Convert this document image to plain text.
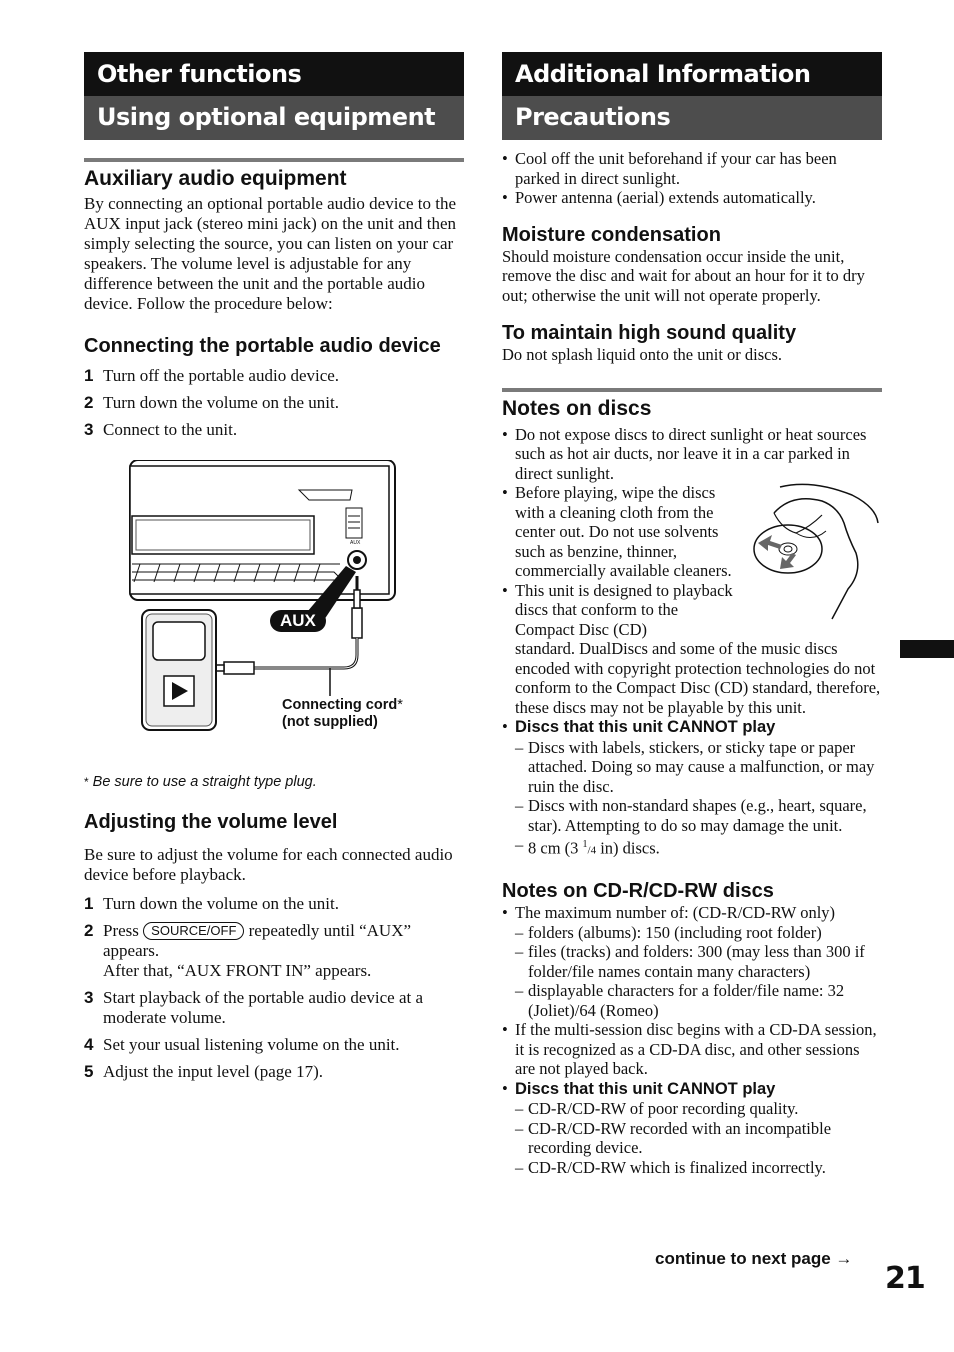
Other functions
Using optional equipment
Auxiliary audio equipment

By connecting an optional portable audio device to the AUX input jack (stereo mini jack) on the unit and then simply selecting the source, you can listen on your car speakers. The volume level is adjustable for any difference between the unit and the portable audio device. Follow the procedure below:

Connecting the portable audio device
1 Turn off the portable audio device.
2 Turn down the volume on the unit.
3 Connect to the unit.
AUX
AUX
Connecting cord*
(not supplied)
* Be sure to use a straight type plug.
Adjusting the volume level

Be sure to adjust the volume for each connected audio device before playback.

1 Turn down the volume on the unit.
2 Press SOURCE/OFF repeatedly until “AUX” appears.
After that, “AUX FRONT IN” appears.
3 Start playback of the portable audio device at a moderate volume.
4 Set your usual listening volume on the unit.
5 Adjust the input level (page 17).
Additional Information
Precautions
• Cool off the unit beforehand if your car has been parked in direct sunlight.
• Power antenna (aerial) extends automatically.
Moisture condensation

Should moisture condensation occur inside the unit, remove the disc and wait for about an hour for it to dry out; otherwise the unit will not operate properly.

To maintain high sound quality

Do not splash liquid onto the unit or discs.

Notes on discs
• Do not expose discs to direct sunlight or heat sources such as hot air ducts, nor leave it in a car parked in direct sunlight.
• Before playing, wipe the discs with a cleaning cloth from the center out. Do not use solvents such as benzine, thinner, commercially available cleaners.
• This unit is designed to playback discs that conform to the Compact Disc (CD)
standard. DualDiscs and some of the music discs encoded with copyright protection technologies do not conform to the Compact Disc (CD) standard, therefore, these discs may not be playable by this unit.
• Discs that this unit CANNOT play
– Discs with labels, stickers, or sticky tape or paper attached. Doing so may cause a malfunction, or may ruin the disc.
– Discs with non-standard shapes (e.g., heart, square, star). Attempting to do so may damage the unit.
– 8 cm (3 $^1$/4 in) discs.
Notes on CD-R/CD-RW discs
• The maximum number of: (CD-R/CD-RW only)
– folders (albums): 150 (including root folder)
– files (tracks) and folders: 300 (may less than 300 if folder/file names contain many characters)
– displayable characters for a folder/file name: 32 (Joliet)/64 (Romeo)
• If the multi-session disc begins with a CD-DA session, it is recognized as a CD-DA disc, and other sessions are not played back.
• Discs that this unit CANNOT play
– CD-R/CD-RW of poor recording quality.
– CD-R/CD-RW recorded with an incompatible recording device.
– CD-R/CD-RW which is finalized incorrectly.
continue to next page →
21
